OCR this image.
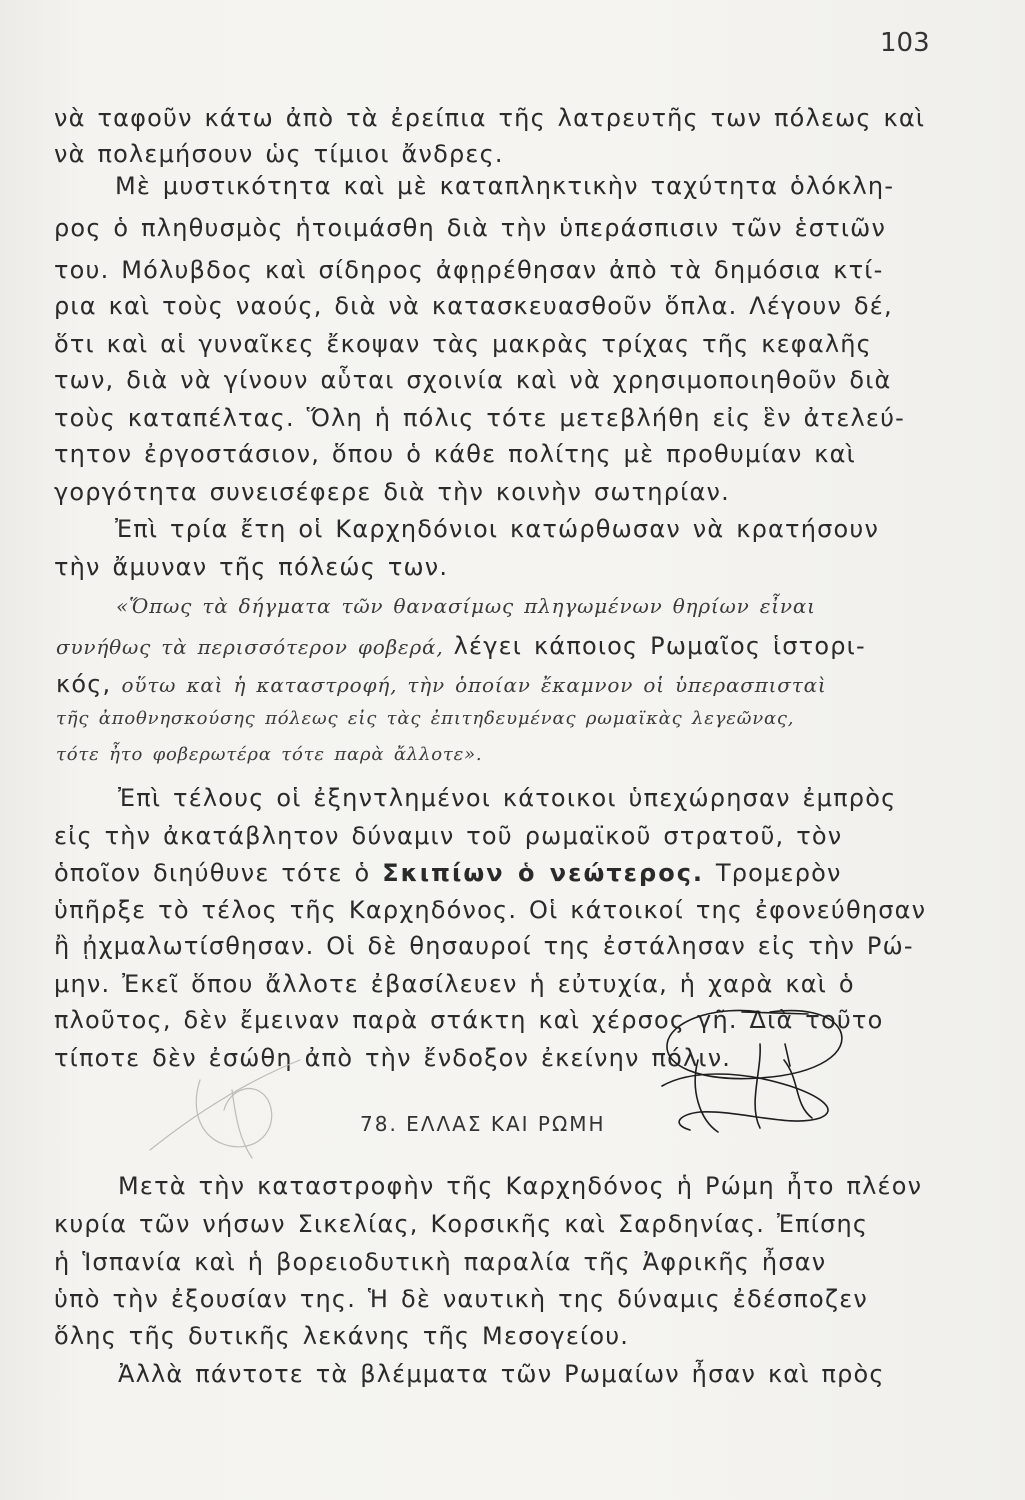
103
νὰ ταφοῦν κάτω ἀπὸ τὰ ἐρείπια τῆς λατρευτῆς των πόλεως καὶ
νὰ πολεμήσουν ὡς τίμιοι ἄνδρες.
Μὲ μυστικότητα καὶ μὲ καταπληκτικὴν ταχύτητα ὁλόκλη-
ρος ὁ πληθυσμὸς ἡτοιμάσθη διὰ τὴν ὑπεράσπισιν τῶν ἑστιῶν
του. Μόλυβδος καὶ σίδηρος ἀφῃρέθησαν ἀπὸ τὰ δημόσια κτί-
ρια καὶ τοὺς ναούς, διὰ νὰ κατασκευασθοῦν ὅπλα. Λέγουν δέ,
ὅτι καὶ αἱ γυναῖκες ἔκοψαν τὰς μακρὰς τρίχας τῆς κεφαλῆς
των, διὰ νὰ γίνουν αὗται σχοινία καὶ νὰ χρησιμοποιηθοῦν διὰ
τοὺς καταπέλτας. Ὅλη ἡ πόλις τότε μετεβλήθη εἰς ἓν ἀτελεύ-
τητον ἐργοστάσιον, ὅπου ὁ κάθε πολίτης μὲ προθυμίαν καὶ
γοργότητα συνεισέφερε διὰ τὴν κοινὴν σωτηρίαν.
Ἐπὶ τρία ἔτη οἱ Καρχηδόνιοι κατώρθωσαν νὰ κρατήσουν
τὴν ἄμυναν τῆς πόλεώς των.
«Ὅπως τὰ δήγματα τῶν θανασίμως πληγωμένων θηρίων εἶναι
συνήθως τὰ περισσότερον φοβερά, λέγει κάποιος Ρωμαῖος ἱστορι-
κός, οὕτω καὶ ἡ καταστροφή, τὴν ὁποίαν ἔκαμνον οἱ ὑπερασπισταὶ
τῆς ἀποθνησκούσης πόλεως εἰς τὰς ἐπιτηδευμένας ρωμαϊκὰς λεγεῶνας,
τότε ἦτο φοβερωτέρα τότε παρὰ ἄλλοτε».
Ἐπὶ τέλους οἱ ἐξηντλημένοι κάτοικοι ὑπεχώρησαν ἐμπρὸς
εἰς τὴν ἀκατάβλητον δύναμιν τοῦ ρωμαϊκοῦ στρατοῦ, τὸν
ὁποῖον διηύθυνε τότε ὁ Σκιπίων ὁ νεώτερος. Τρομερὸν
ὑπῆρξε τὸ τέλος τῆς Καρχηδόνος. Οἱ κάτοικοί της ἐφονεύθησαν
ἢ ᾐχμαλωτίσθησαν. Οἱ δὲ θησαυροί της ἐστάλησαν εἰς τὴν Ρώ-
μην. Ἐκεῖ ὅπου ἄλλοτε ἐβασίλευεν ἡ εὐτυχία, ἡ χαρὰ καὶ ὁ
πλοῦτος, δὲν ἔμειναν παρὰ στάκτη καὶ χέρσος γῆ. Διὰ τοῦτο
τίποτε δὲν ἐσώθη ἀπὸ τὴν ἔνδοξον ἐκείνην πόλιν.
78. ΕΛΛΑΣ ΚΑΙ ΡΩΜΗ
Μετὰ τὴν καταστροφὴν τῆς Καρχηδόνος ἡ Ρώμη ἦτο πλέον
κυρία τῶν νήσων Σικελίας, Κορσικῆς καὶ Σαρδηνίας. Ἐπίσης
ἡ Ἱσπανία καὶ ἡ βορειοδυτικὴ παραλία τῆς Ἀφρικῆς ἦσαν
ὑπὸ τὴν ἐξουσίαν της. Ἡ δὲ ναυτικὴ της δύναμις ἐδέσποζεν
ὅλης τῆς δυτικῆς λεκάνης τῆς Μεσογείου.
Ἀλλὰ πάντοτε τὰ βλέμματα τῶν Ρωμαίων ἦσαν καὶ πρὸς
